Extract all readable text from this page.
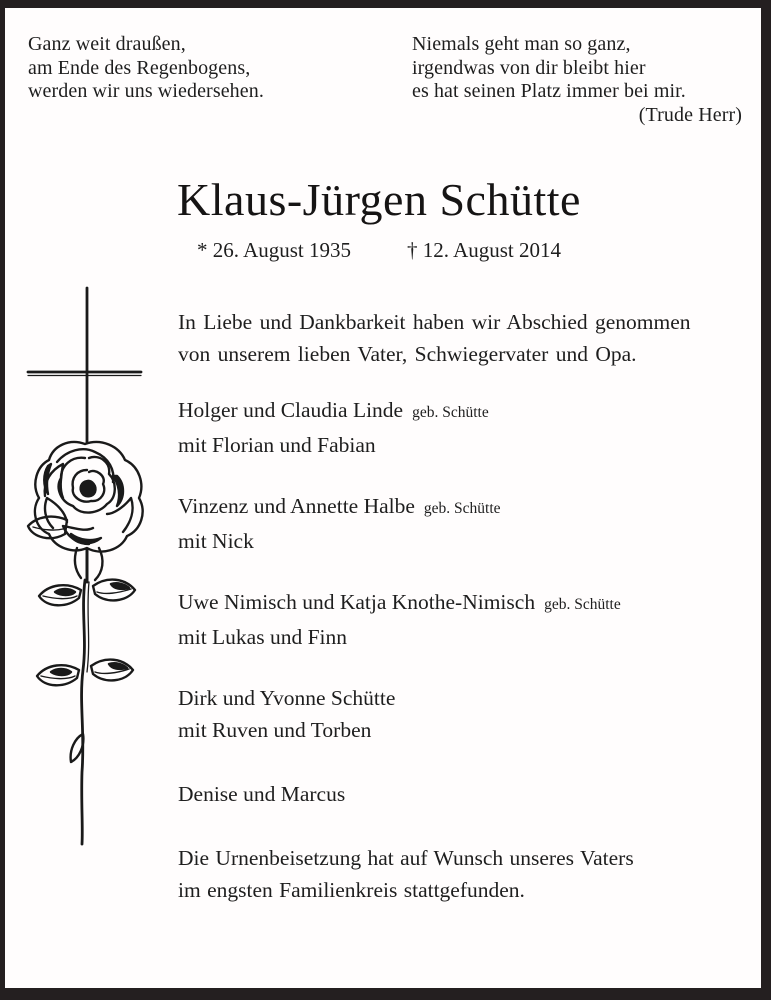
Ganz weit draußen,
am Ende des Regenbogens,
werden wir uns wiedersehen.
Niemals geht man so ganz,
irgendwas von dir bleibt hier
es hat seinen Platz immer bei mir.
(Trude Herr)
Klaus-Jürgen Schütte
* 26. August 1935	† 12. August 2014
In Liebe und Dankbarkeit haben wir Abschied genommen
von unserem lieben Vater, Schwiegervater und Opa.
Holger und Claudia Linde geb. Schütte
mit Florian und Fabian
Vinzenz und Annette Halbe geb. Schütte
mit Nick
Uwe Nimisch und Katja Knothe-Nimisch geb. Schütte
mit Lukas und Finn
Dirk und Yvonne Schütte
mit Ruven und Torben
Denise und Marcus
Die Urnenbeisetzung hat auf Wunsch unseres Vaters
im engsten Familienkreis stattgefunden.
